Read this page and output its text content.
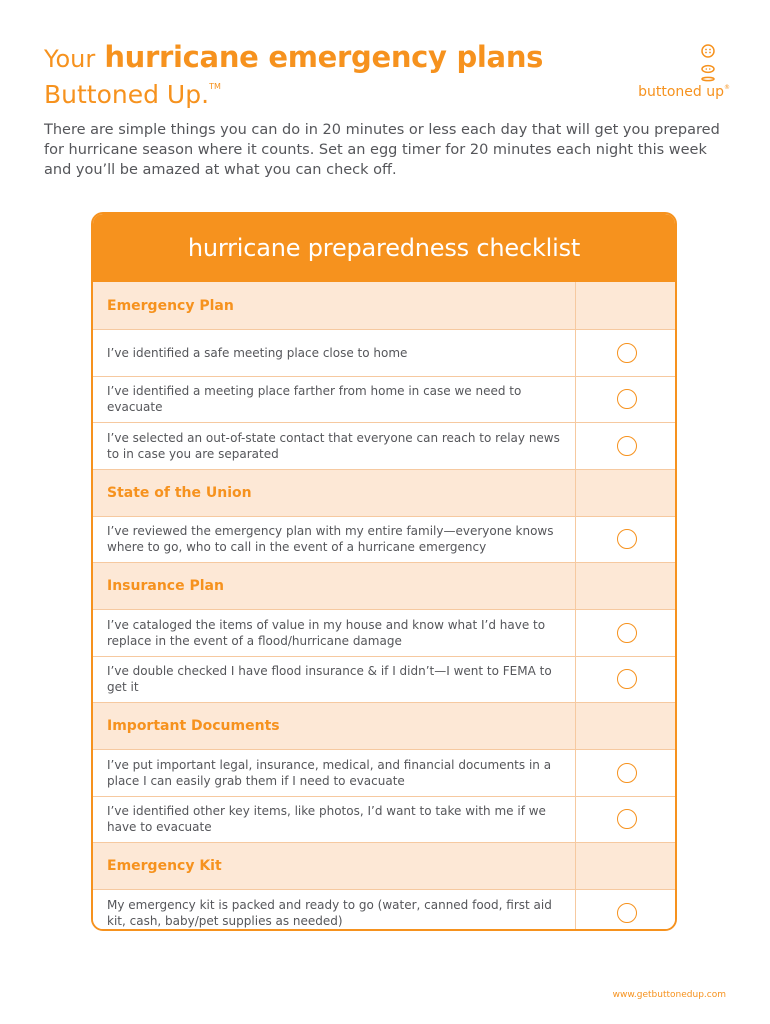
Your hurricane emergency plans
Buttoned Up.™	buttoned up®
There are simple things you can do in 20 minutes or less each day that will get you prepared for hurricane season where it counts. Set an egg timer for 20 minutes each night this week and you’ll be amazed at what you can check off.
hurricane preparedness checklist
Emergency Plan
I’ve identified a safe meeting place close to home
I’ve identified a meeting place farther from home in case we need to evacuate
I’ve selected an out-of-state contact that everyone can reach to relay news to in case you are separated
State of the Union
I’ve reviewed the emergency plan with my entire family—everyone knows where to go, who to call in the event of a hurricane emergency
Insurance Plan
I’ve cataloged the items of value in my house and know what I’d have to replace in the event of a flood/hurricane damage
I’ve double checked I have flood insurance & if I didn’t—I went to FEMA to get it
Important Documents
I’ve put important legal, insurance, medical, and financial documents in a place I can easily grab them if I need to evacuate
I’ve identified other key items, like photos, I’d want to take with me if we have to evacuate
Emergency Kit
My emergency kit is packed and ready to go (water, canned food, first aid kit, cash, baby/pet supplies as needed)
www.getbuttonedup.com
